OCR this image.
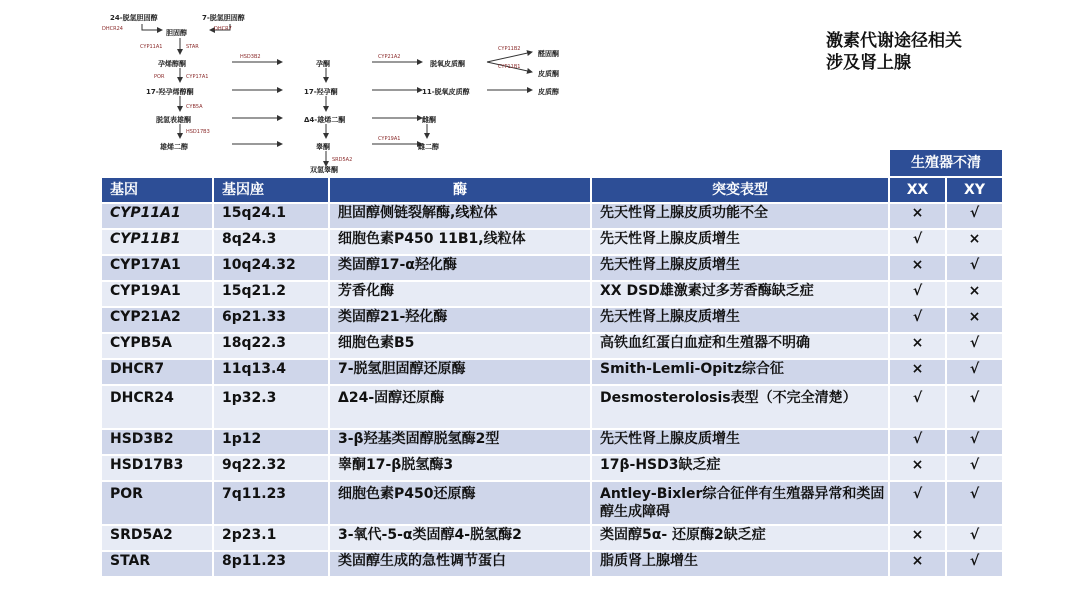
激素代谢途径相关
涉及肾上腺
24-脱氢胆固醇	7-脱氢胆固醇
胆固醇
孕烯醇酮
17-羟孕烯醇酮
脱氢表雄酮
雄烯二醇
孕酮
17-羟孕酮
Δ4-雄烯二酮
睾酮
双氢睾酮
脱氧皮质酮
11-脱氧皮质醇
雌酮
雌二醇
醛固酮
皮质酮
皮质醇
DHCR24	DHCR7
CYP11A1	STAR
POR	CYP17A1
CYB5A
HSD3B2
HSD17B3
SRD5A2
CYP21A2
CYP11B2
CYP11B1
CYP19A1
				生殖器不清	
基因	基因座	酶	突变表型	XX	XY
CYP11A1	15q24.1	胆固醇侧链裂解酶,线粒体	先天性肾上腺皮质功能不全	×	√
CYP11B1	8q24.3	细胞色素P450 11B1,线粒体	先天性肾上腺皮质增生	√	×
CYP17A1	10q24.32	类固醇17-α羟化酶	先天性肾上腺皮质增生	×	√
CYP19A1	15q21.2	芳香化酶	XX DSD雄激素过多芳香酶缺乏症	√	×
CYP21A2	6p21.33	类固醇21-羟化酶	先天性肾上腺皮质增生	√	×
CYPB5A	18q22.3	细胞色素B5	高铁血红蛋白血症和生殖器不明确	×	√
DHCR7	11q13.4	7-脱氢胆固醇还原酶	Smith-Lemli-Opitz综合征	×	√
DHCR24	1p32.3	Δ24-固醇还原酶	Desmosterolosis表型（不完全清楚）	√	√
HSD3B2	1p12	3-β羟基类固醇脱氢酶2型	先天性肾上腺皮质增生	√	√
HSD17B3	9q22.32	睾酮17-β脱氢酶3	17β-HSD3缺乏症	×	√
POR	7q11.23	细胞色素P450还原酶	Antley-Bixler综合征伴有生殖器异常和类固醇生成障碍	√	√
SRD5A2	2p23.1	3-氧代-5-α类固醇4-脱氢酶2	类固醇5α- 还原酶2缺乏症	×	√
STAR	8p11.23	类固醇生成的急性调节蛋白	脂质肾上腺增生	×	√
